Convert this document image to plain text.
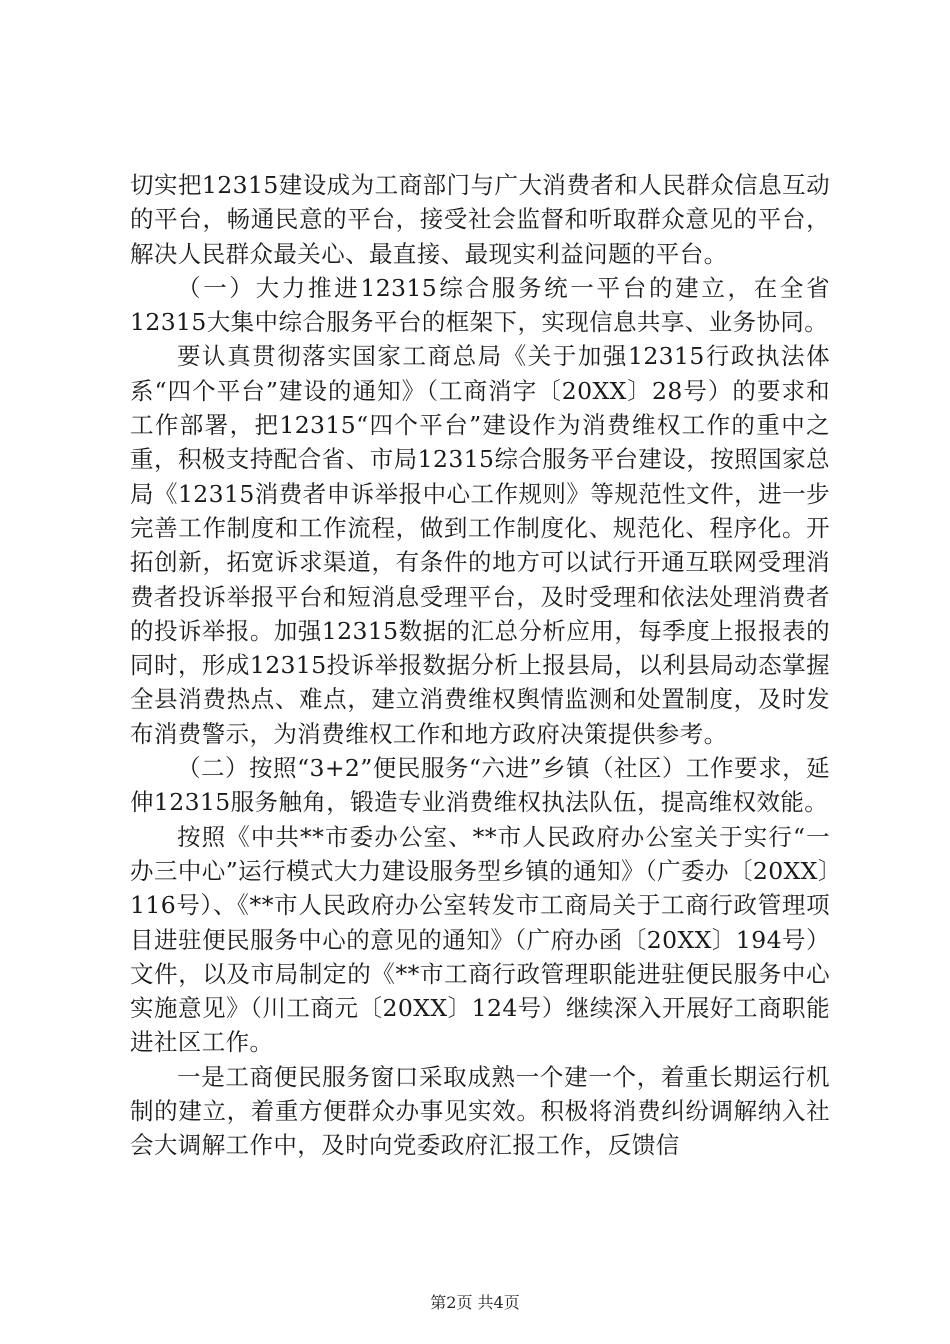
切实把12315建设成为工商部门与广大消费者和人民群众信息互动的平台，畅通民意的平台，接受社会监督和听取群众意见的平台，解决人民群众最关心、最直接、最现实利益问题的平台。

（一）大力推进12315综合服务统一平台的建立，在全省12315大集中综合服务平台的框架下，实现信息共享、业务协同。

要认真贯彻落实国家工商总局《关于加强12315行政执法体系“四个平台”建设的通知》（工商消字〔20XX〕28号）的要求和工作部署，把12315“四个平台”建设作为消费维权工作的重中之重，积极支持配合省、市局12315综合服务平台建设，按照国家总局《12315消费者申诉举报中心工作规则》等规范性文件，进一步完善工作制度和工作流程，做到工作制度化、规范化、程序化。开拓创新，拓宽诉求渠道，有条件的地方可以试行开通互联网受理消费者投诉举报平台和短消息受理平台，及时受理和依法处理消费者的投诉举报。加强12315数据的汇总分析应用，每季度上报报表的同时，形成12315投诉举报数据分析上报县局，以利县局动态掌握全县消费热点、难点，建立消费维权舆情监测和处置制度，及时发布消费警示，为消费维权工作和地方政府决策提供参考。

（二）按照“3+2”便民服务“六进”乡镇（社区）工作要求，延伸12315服务触角，锻造专业消费维权执法队伍，提高维权效能。

按照《中共**市委办公室、**市人民政府办公室关于实行“一办三中心”运行模式大力建设服务型乡镇的通知》（广委办〔20XX〕116号）、《**市人民政府办公室转发市工商局关于工商行政管理项目进驻便民服务中心的意见的通知》（广府办函〔20XX〕194号）文件，以及市局制定的《**市工商行政管理职能进驻便民服务中心实施意见》（川工商元〔20XX〕124号）继续深入开展好工商职能进社区工作。

一是工商便民服务窗口采取成熟一个建一个，着重长期运行机制的建立，着重方便群众办事见实效。积极将消费纠纷调解纳入社会大调解工作中，及时向党委政府汇报工作，反馈信

第2页 共4页
